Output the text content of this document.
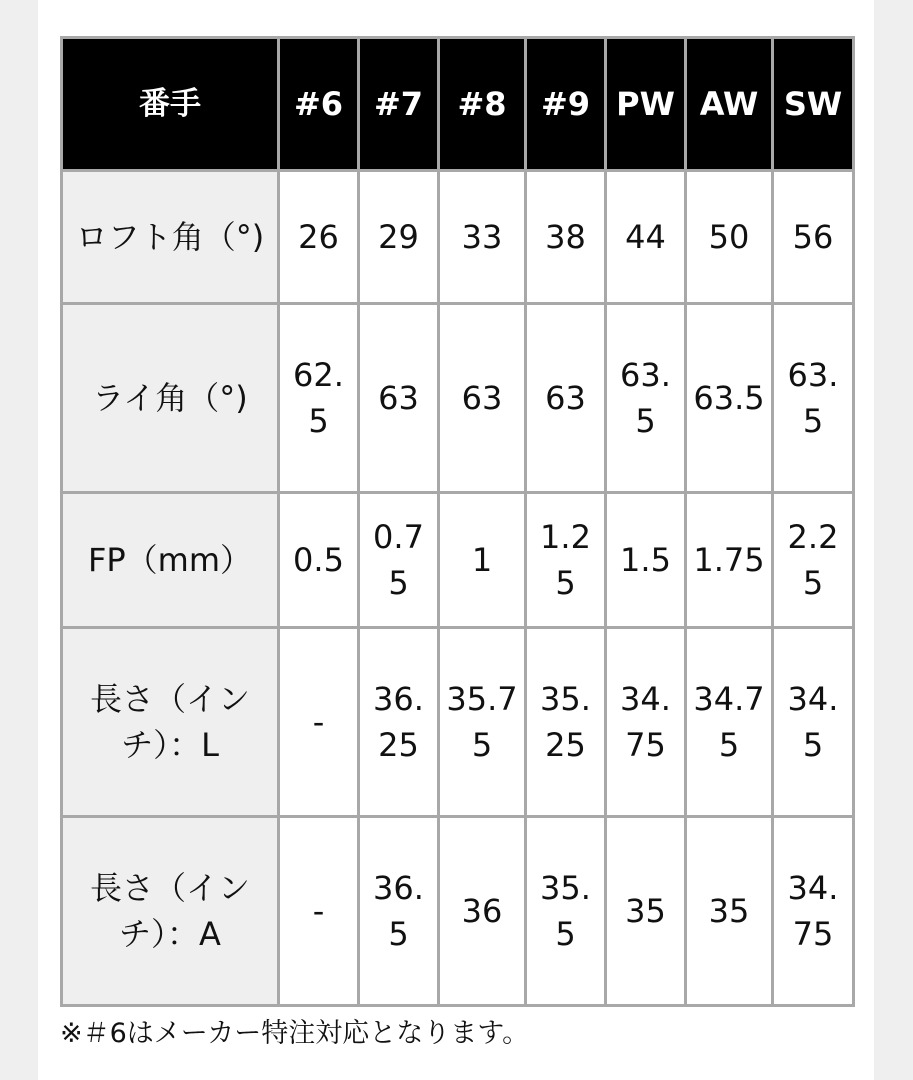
番手	#6	#7	#8	#9	PW	AW	SW
ロフト角（°)	26	29	33	38	44	50	56
ライ角（°)	62.5	63	63	63	63.5	63.5	63.5
FP（mm）	0.5	0.75	1	1.25	1.5	1.75	2.25
長さ（インチ）：L	-	36.25	35.75	35.25	34.75	34.75	34.5
長さ（インチ）：A	-	36.5	36	35.5	35	35	34.75
※＃6はメーカー特注対応となります。
